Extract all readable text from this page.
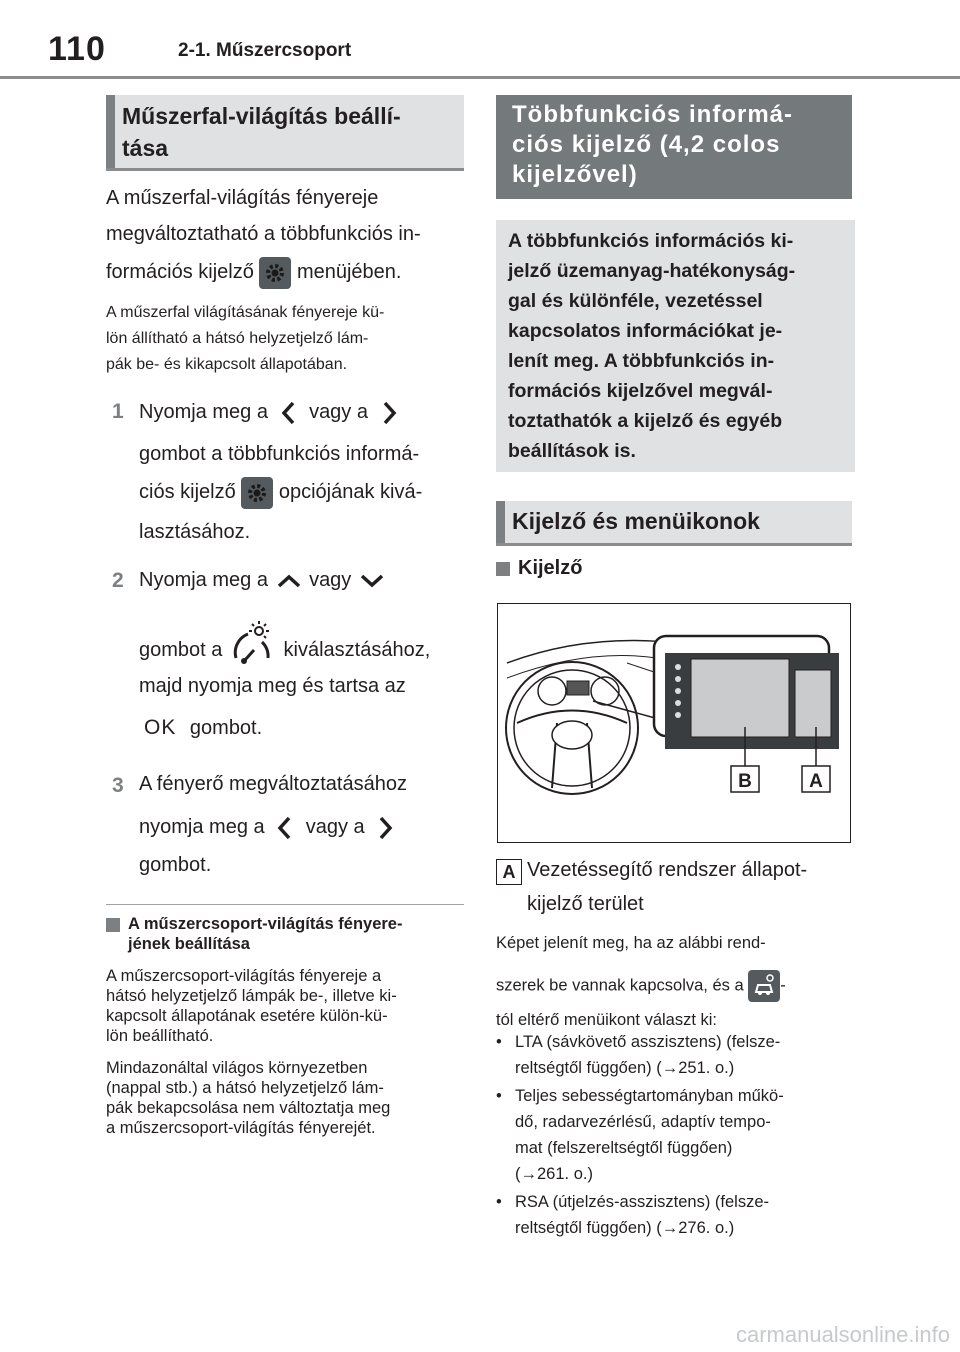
110	2-1. Műszercsoport
Műszerfal-világítás beállí-
tása
A műszerfal-világítás fényereje
megváltoztatható a többfunkciós in-
formációs kijelző menüjében.
A műszerfal világításának fényereje kü-
lön állítható a hátsó helyzetjelző lám-
pák be- és kikapcsolt állapotában.
1 Nyomja meg a vagy a
gombot a többfunkciós informá-
ciós kijelző opciójának kivá-
lasztásához.
2 Nyomja meg a vagy
gombot a	kiválasztásához,
majd nyomja meg és tartsa az
OK gombot.
3 A fényerő megváltoztatásához
nyomja meg a vagy a
gombot.
A műszercsoport-világítás fényere-
jének beállítása
A műszercsoport-világítás fényereje a
hátsó helyzetjelző lámpák be-, illetve ki-
kapcsolt állapotának esetére külön-kü-
lön beállítható.
Mindazonáltal világos környezetben
(nappal stb.) a hátsó helyzetjelző lám-
pák bekapcsolása nem változtatja meg
a műszercsoport-világítás fényerejét.
Többfunkciós informá-
ciós kijelző (4,2 colos
kijelzővel)
A többfunkciós információs ki-
jelző üzemanyag-hatékonyság-
gal és különféle, vezetéssel
kapcsolatos információkat je-
lenít meg. A többfunkciós in-
formációs kijelzővel megvál-
toztathatók a kijelző és egyéb
beállítások is.
Kijelző és menüikonok
Kijelző
B	A
A Vezetéssegítő rendszer állapot-
kijelző terület
Képet jelenít meg, ha az alábbi rend-
szerek be vannak kapcsolva, és a -
tól eltérő menüikont választ ki:
• LTA (sávkövető asszisztens) (felsze-
reltségtől függően) (→251. o.)
• Teljes sebességtartományban műkö-
dő, radarvezérlésű, adaptív tempo-
mat (felszereltségtől függően)
(→261. o.)
• RSA (útjelzés-asszisztens) (felsze-
reltségtől függően) (→276. o.)
carmanualsonline.info
